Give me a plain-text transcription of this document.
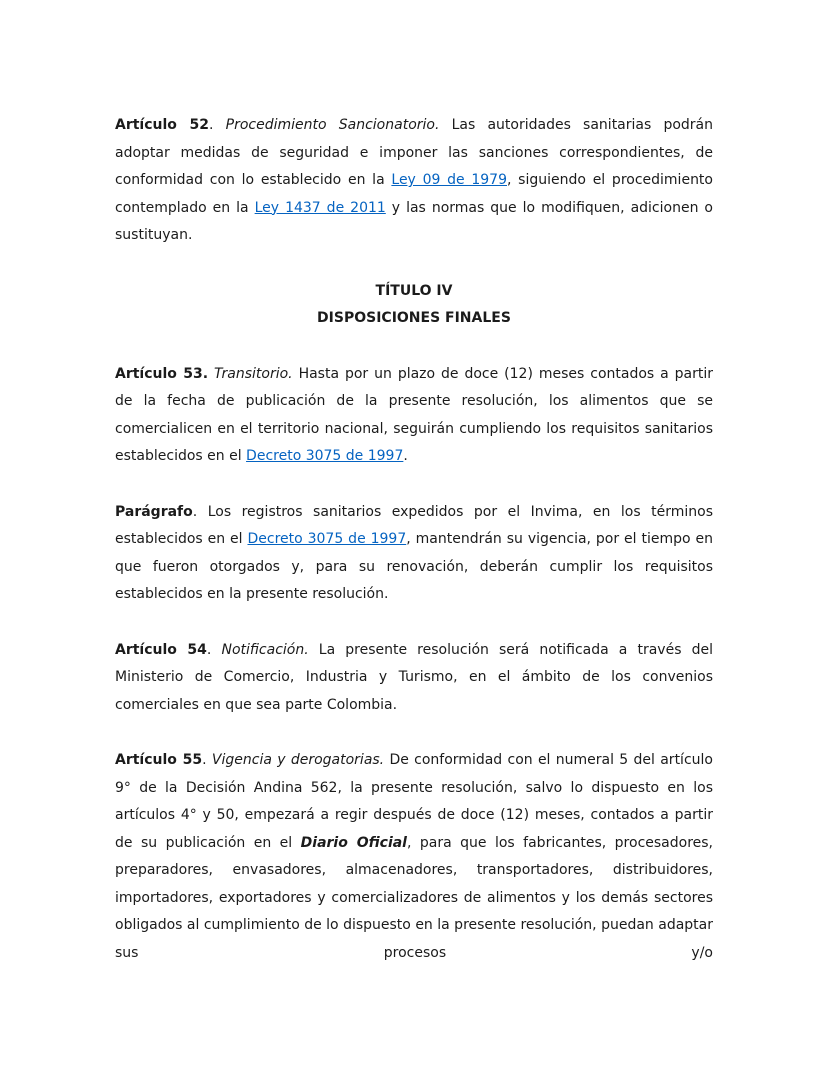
Artículo 52. Procedimiento Sancionatorio. Las autoridades sanitarias podrán adoptar medidas de seguridad e imponer las sanciones correspondientes, de conformidad con lo establecido en la Ley 09 de 1979, siguiendo el procedimiento contemplado en la Ley 1437 de 2011 y las normas que lo modifiquen, adicionen o sustituyan.

TÍTULO IV

DISPOSICIONES FINALES

Artículo 53. Transitorio. Hasta por un plazo de doce (12) meses contados a partir de la fecha de publicación de la presente resolución, los alimentos que se comercialicen en el territorio nacional, seguirán cumpliendo los requisitos sanitarios establecidos en el Decreto 3075 de 1997.

Parágrafo. Los registros sanitarios expedidos por el Invima, en los términos establecidos en el Decreto 3075 de 1997, mantendrán su vigencia, por el tiempo en que fueron otorgados y, para su renovación, deberán cumplir los requisitos establecidos en la presente resolución.

Artículo 54. Notificación. La presente resolución será notificada a través del Ministerio de Comercio, Industria y Turismo, en el ámbito de los convenios comerciales en que sea parte Colombia.

Artículo 55. Vigencia y derogatorias. De conformidad con el numeral 5 del artículo 9° de la Decisión Andina 562, la presente resolución, salvo lo dispuesto en los artículos 4° y 50, empezará a regir después de doce (12) meses, contados a partir de su publicación en el Diario Oficial, para que los fabricantes, procesadores, preparadores, envasadores, almacenadores, transportadores, distribuidores, importadores, exportadores y comercializadores de alimentos y los demás sectores obligados al cumplimiento de lo dispuesto en la presente resolución, puedan adaptar sus procesos y/o
